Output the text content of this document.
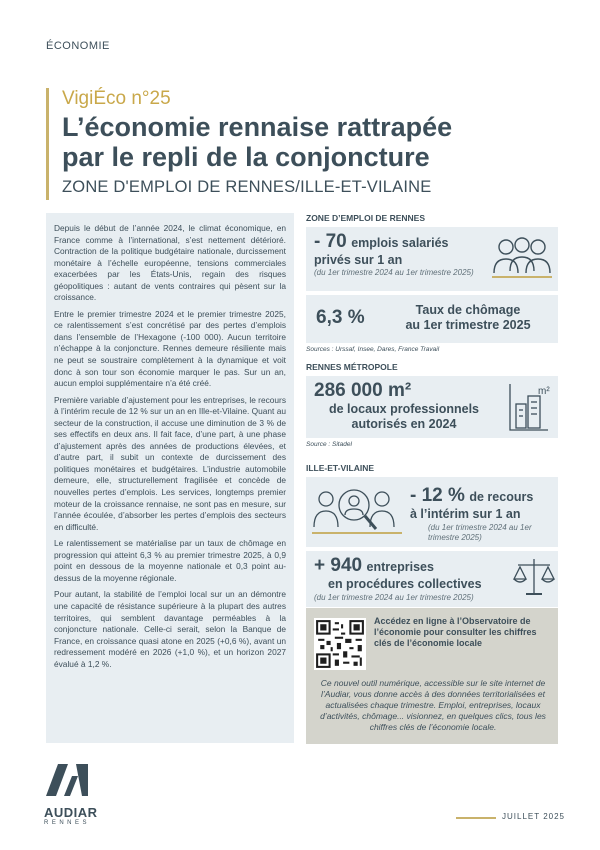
ÉCONOMIE
VigiÉco n°25
L’économie rennaise rattrapée
par le repli de la conjoncture
ZONE D'EMPLOI DE RENNES/ILLE-ET-VILAINE

Depuis le début de l’année 2024, le climat économique, en France comme à l’international, s’est nettement détérioré. Contraction de la politique budgétaire nationale, durcissement monétaire à l’échelle européenne, tensions commerciales exacerbées par les États-Unis, regain des risques géopolitiques : autant de vents contraires qui pèsent sur la croissance.

Entre le premier trimestre 2024 et le premier trimestre 2025, ce ralentissement s’est concrétisé par des pertes d’emplois dans l’ensemble de l’Hexagone (-100 000). Aucun territoire n’échappe à la conjoncture. Rennes demeure résiliente mais ne peut se soustraire complètement à la dynamique et voit donc à son tour son économie marquer le pas. Sur un an, aucun emploi supplémentaire n’a été créé.

Première variable d’ajustement pour les entreprises, le recours à l’intérim recule de 12 % sur un an en Ille-et-Vilaine. Quant au secteur de la construction, il accuse une diminution de 3 % de ses effectifs en deux ans. Il fait face, d’une part, à une phase d’ajustement après des années de productions élevées, et d’autre part, il subit un contexte de durcissement des politiques monétaires et budgétaires. L’industrie automobile demeure, elle, structurellement fragilisée et concède de nouvelles pertes d’emplois. Les services, longtemps premier moteur de la croissance rennaise, ne sont pas en mesure, sur l’année écoulée, d’absorber les pertes d’emplois des secteurs en difficulté.

Le ralentissement se matérialise par un taux de chômage en progression qui atteint 6,3 % au premier trimestre 2025, à 0,9 point en dessous de la moyenne nationale et 0,3 point au-dessus de la moyenne régionale.

Pour autant, la stabilité de l’emploi local sur un an démontre une capacité de résistance supérieure à la plupart des autres territoires, qui semblent davantage perméables à la conjoncture nationale. Celle-ci serait, selon la Banque de France, en croissance quasi atone en 2025 (+0,6 %), avant un redressement modéré en 2026 (+1,0 %), et un horizon 2027 évalué à 1,2 %.

ZONE D’EMPLOI DE RENNES
- 70 emplois salariés
privés sur 1 an
(du 1er trimestre 2024 au 1er trimestre 2025)
6,3 %	Taux de chômage
au 1er trimestre 2025
Sources : Urssaf, Insee, Dares, France Travail
RENNES MÉTROPOLE
286 000 m²
de locaux professionnels
autorisés en 2024
m²
Source : Sitadel
ILLE-ET-VILAINE
- 12 % de recours
à l’intérim sur 1 an
(du 1er trimestre 2024 au 1er trimestre 2025)
+ 940 entreprises
en procédures collectives
(du 1er trimestre 2024 au 1er trimestre 2025)
Accédez en ligne à l’Observatoire de l’économie pour consulter les chiffres clés de l’économie locale
Ce nouvel outil numérique, accessible sur le site internet de l’Audiar, vous donne accès à des données territorialisées et actualisées chaque trimestre. Emploi, entreprises, locaux d’activités, chômage... visionnez, en quelques clics, tous les chiffres clés de l’économie locale.
AUDIAR
RENNES
JUILLET 2025
